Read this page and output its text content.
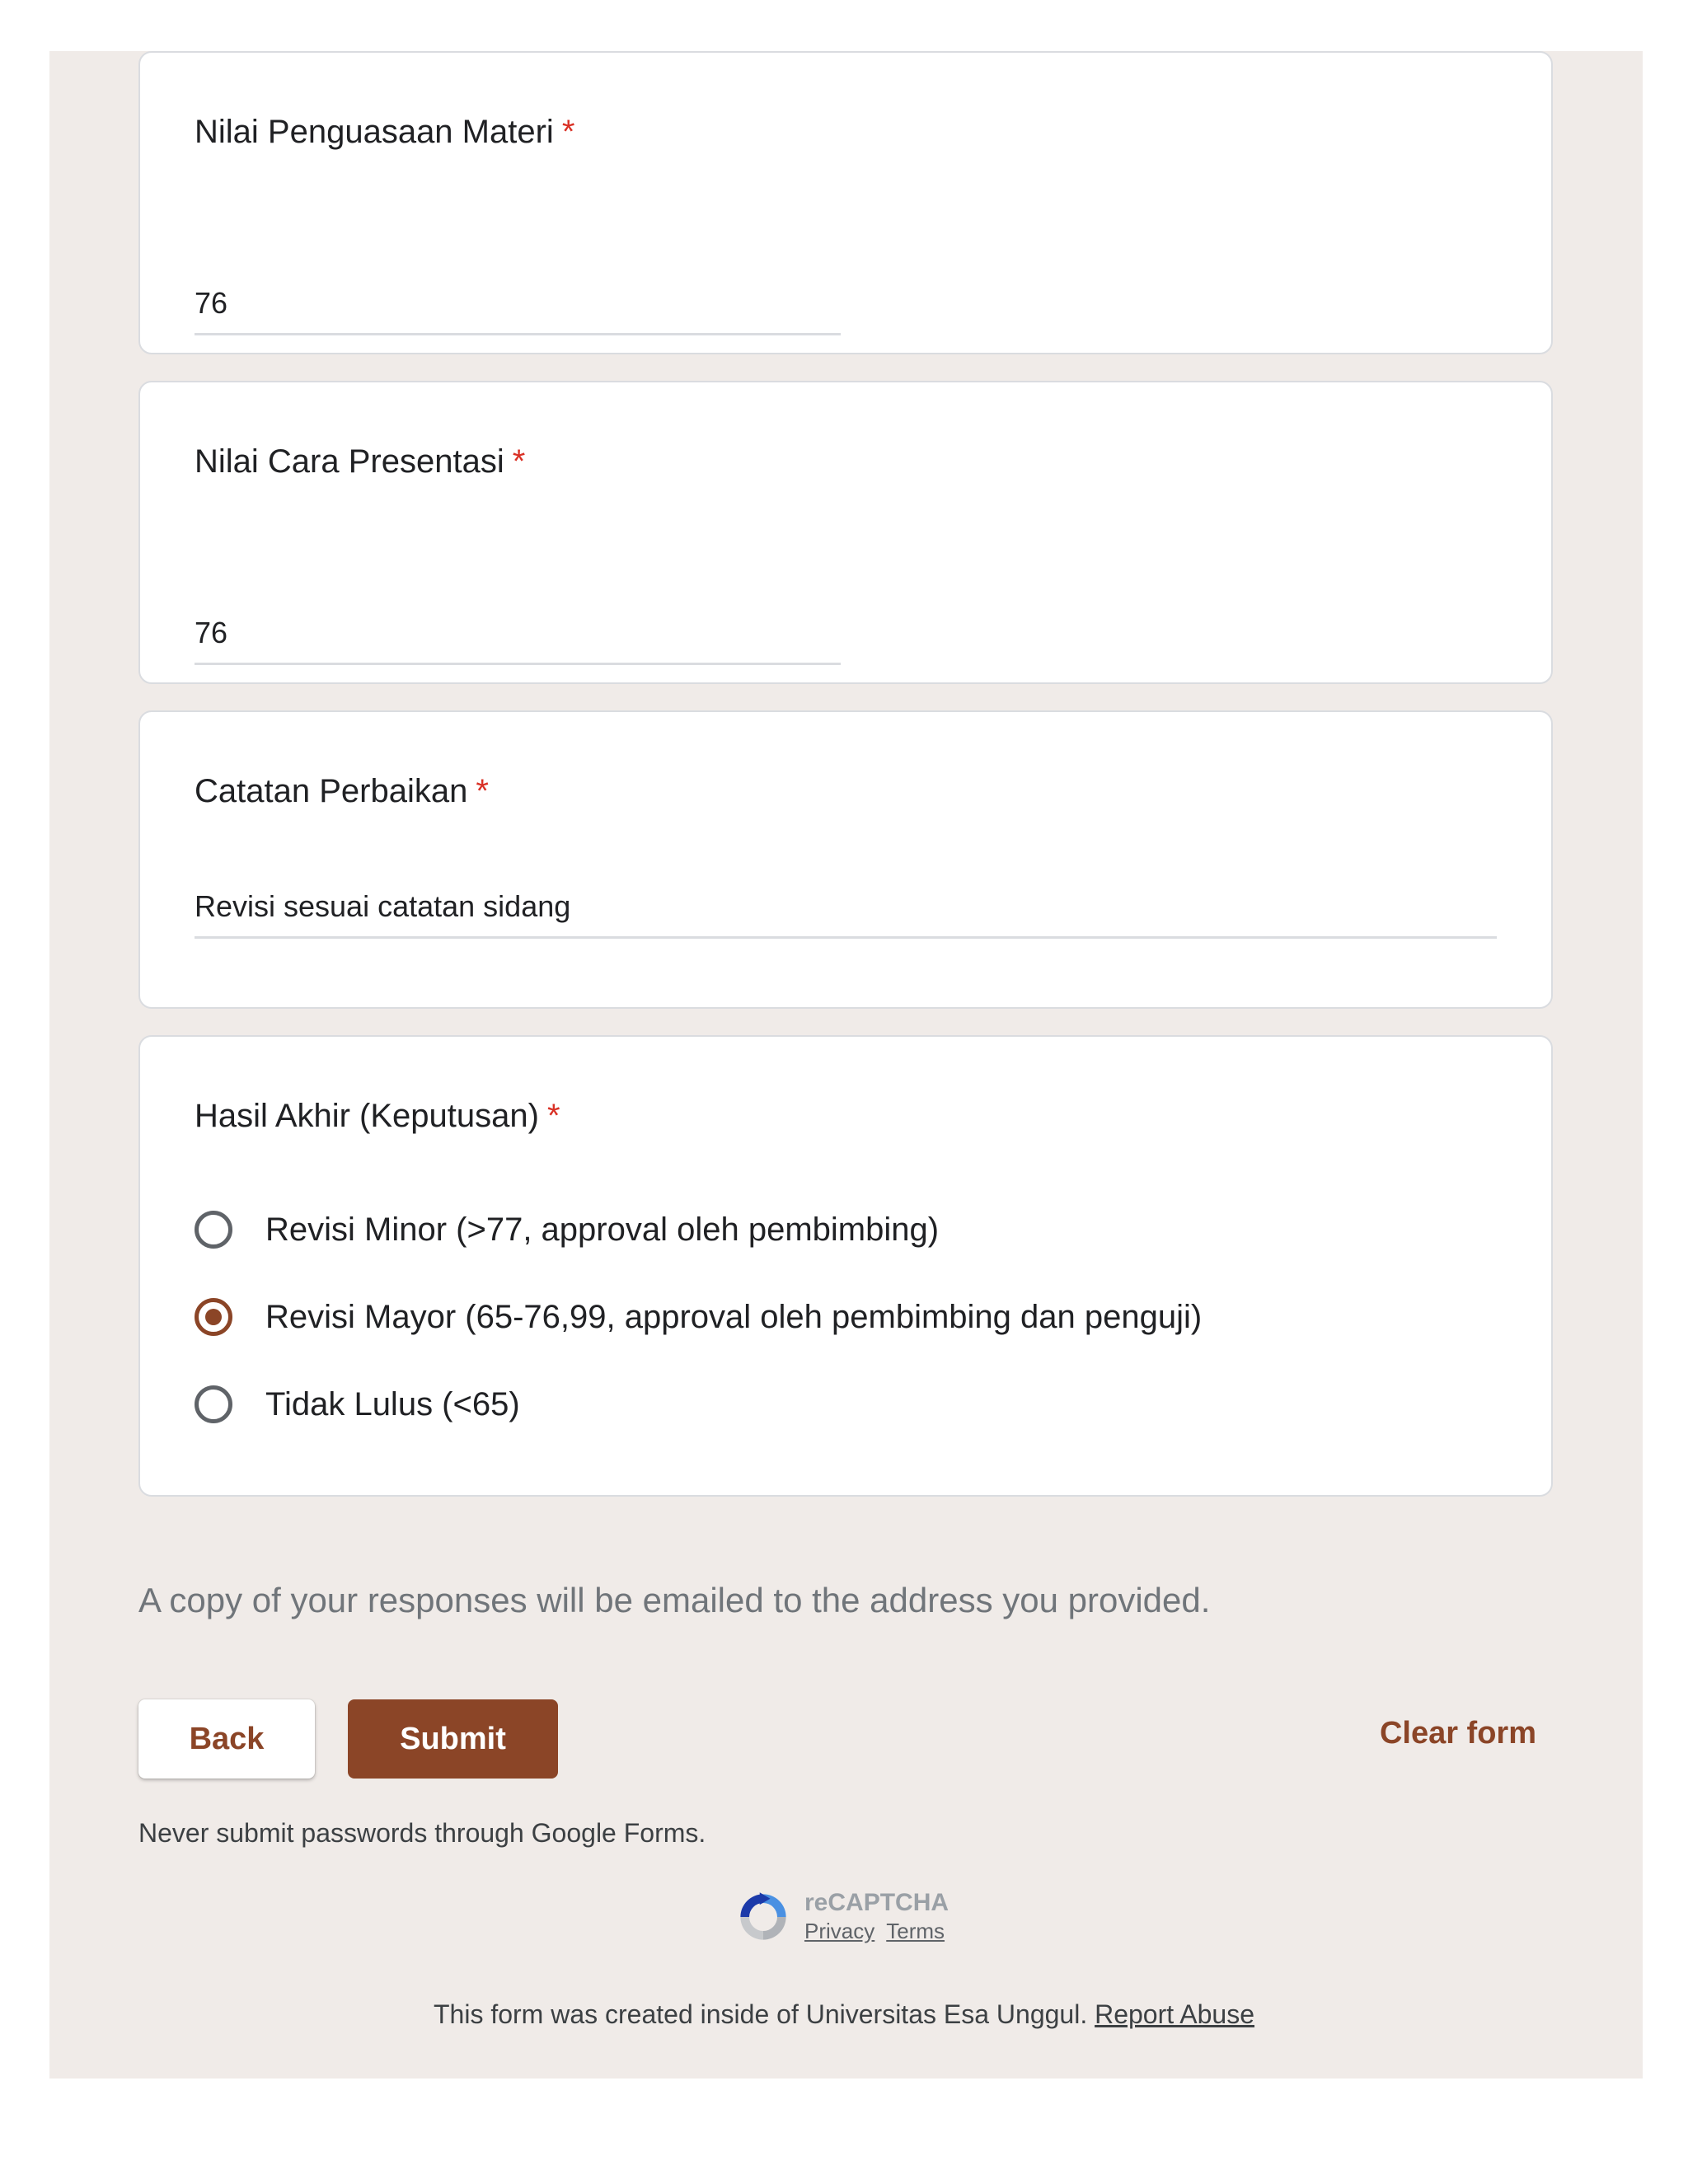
Nilai Penguasaan Materi *
76
Nilai Cara Presentasi *
76
Catatan Perbaikan *
Revisi sesuai catatan sidang
Hasil Akhir (Keputusan) *
Revisi Minor (>77, approval oleh pembimbing)
Revisi Mayor (65-76,99, approval oleh pembimbing dan penguji)
Tidak Lulus (<65)
A copy of your responses will be emailed to the address you provided.
Back	Submit	Clear form
Never submit passwords through Google Forms.
reCAPTCHA
Privacy Terms
This form was created inside of Universitas Esa Unggul. Report Abuse
